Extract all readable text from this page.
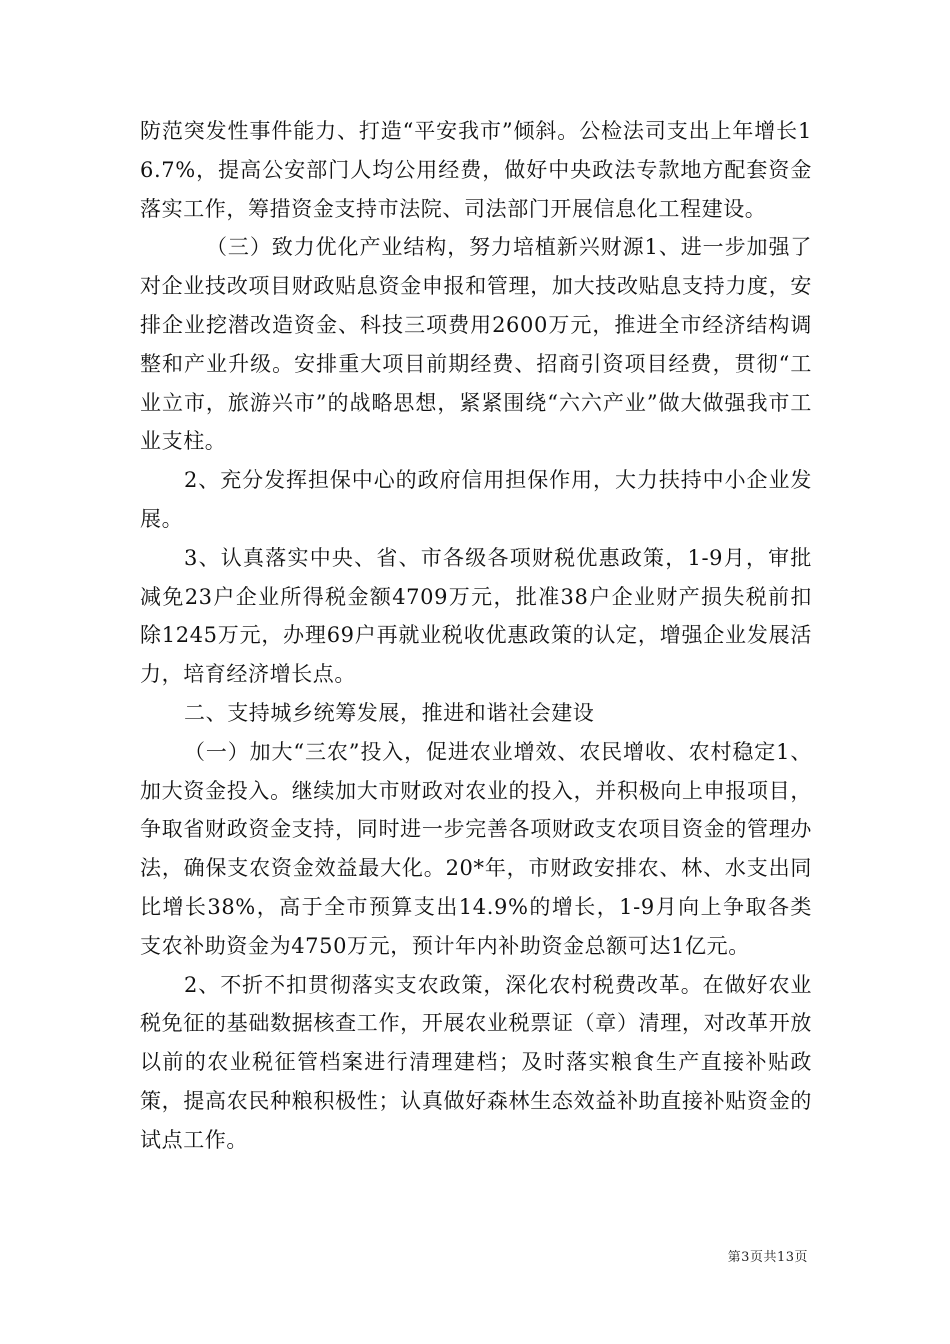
防范突发性事件能力、打造“平安我市”倾斜。公检法司支出上年增长16.7%，提高公安部门人均公用经费，做好中央政法专款地方配套资金落实工作，筹措资金支持市法院、司法部门开展信息化工程建设。

（三）致力优化产业结构，努力培植新兴财源1、进一步加强了对企业技改项目财政贴息资金申报和管理，加大技改贴息支持力度，安排企业挖潜改造资金、科技三项费用2600万元，推进全市经济结构调整和产业升级。安排重大项目前期经费、招商引资项目经费，贯彻“工业立市，旅游兴市”的战略思想，紧紧围绕“六六产业”做大做强我市工业支柱。

2、充分发挥担保中心的政府信用担保作用，大力扶持中小企业发展。

3、认真落实中央、省、市各级各项财税优惠政策，1-9月，审批减免23户企业所得税金额4709万元，批准38户企业财产损失税前扣除1245万元，办理69户再就业税收优惠政策的认定，增强企业发展活力，培育经济增长点。

二、支持城乡统筹发展，推进和谐社会建设

（一）加大“三农”投入，促进农业增效、农民增收、农村稳定1、加大资金投入。继续加大市财政对农业的投入，并积极向上申报项目，争取省财政资金支持，同时进一步完善各项财政支农项目资金的管理办法，确保支农资金效益最大化。20*年，市财政安排农、林、水支出同比增长38%，高于全市预算支出14.9%的增长，1-9月向上争取各类支农补助资金为4750万元，预计年内补助资金总额可达1亿元。

2、不折不扣贯彻落实支农政策，深化农村税费改革。在做好农业税免征的基础数据核查工作，开展农业税票证（章）清理，对改革开放以前的农业税征管档案进行清理建档；及时落实粮食生产直接补贴政策，提高农民种粮积极性；认真做好森林生态效益补助直接补贴资金的试点工作。

第3页共13页
